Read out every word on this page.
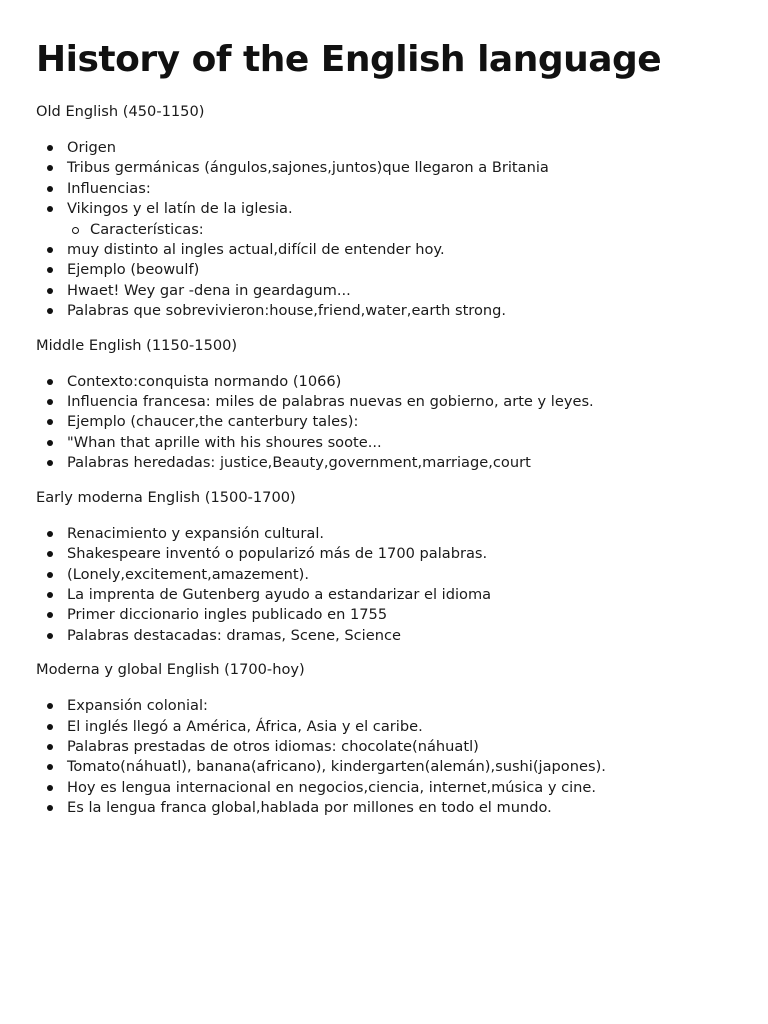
History of the English language

Old English (450-1150)

Origen
Tribus germánicas (ángulos,sajones,juntos)que llegaron a Britania
Influencias:
Vikingos y el latín de la iglesia.
Características:
muy distinto al ingles actual,difícil de entender hoy.
Ejemplo (beowulf)
Hwaet! Wey gar -dena in geardagum...
Palabras que sobrevivieron:house,friend,water,earth strong.

Middle English (1150-1500)

Contexto:conquista normando (1066)
Influencia francesa: miles de palabras nuevas en gobierno, arte y leyes.
Ejemplo (chaucer,the canterbury tales):
"Whan that aprille with his shoures soote...
Palabras heredadas: justice,Beauty,government,marriage,court

Early moderna English (1500-1700)

Renacimiento y expansión cultural.
Shakespeare inventó o popularizó más de 1700 palabras.
(Lonely,excitement,amazement).
La imprenta de Gutenberg ayudo a estandarizar el idioma
Primer diccionario ingles publicado en 1755
Palabras destacadas: dramas, Scene, Science

Moderna y global English (1700-hoy)

Expansión colonial:
El inglés llegó a América, África, Asia y el caribe.
Palabras prestadas de otros idiomas: chocolate(náhuatl)
Tomato(náhuatl), banana(africano), kindergarten(alemán),sushi(japones).
Hoy es lengua internacional en negocios,ciencia, internet,música y cine.
Es la lengua franca global,hablada por millones en todo el mundo.
